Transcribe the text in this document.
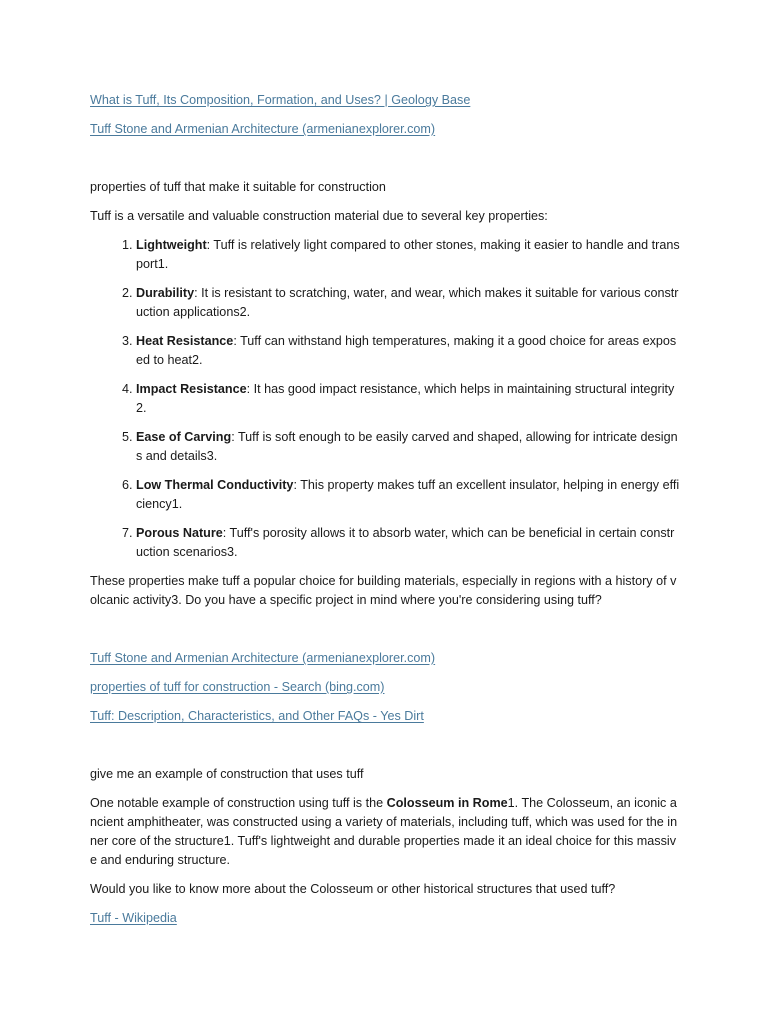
What is Tuff, Its Composition, Formation, and Uses? | Geology Base

Tuff Stone and Armenian Architecture (armenianexplorer.com)

properties of tuff that make it suitable for construction

Tuff is a versatile and valuable construction material due to several key properties:

1. Lightweight: Tuff is relatively light compared to other stones, making it easier to handle and transport1.
2. Durability: It is resistant to scratching, water, and wear, which makes it suitable for various construction applications2.
3. Heat Resistance: Tuff can withstand high temperatures, making it a good choice for areas exposed to heat2.
4. Impact Resistance: It has good impact resistance, which helps in maintaining structural integrity2.
5. Ease of Carving: Tuff is soft enough to be easily carved and shaped, allowing for intricate designs and details3.
6. Low Thermal Conductivity: This property makes tuff an excellent insulator, helping in energy efficiency1.
7. Porous Nature: Tuff's porosity allows it to absorb water, which can be beneficial in certain construction scenarios3.

These properties make tuff a popular choice for building materials, especially in regions with a history of volcanic activity3. Do you have a specific project in mind where you're considering using tuff?

Tuff Stone and Armenian Architecture (armenianexplorer.com)

properties of tuff for construction - Search (bing.com)

Tuff: Description, Characteristics, and Other FAQs - Yes Dirt

give me an example of construction that uses tuff

One notable example of construction using tuff is the Colosseum in Rome1. The Colosseum, an iconic ancient amphitheater, was constructed using a variety of materials, including tuff, which was used for the inner core of the structure1. Tuff's lightweight and durable properties made it an ideal choice for this massive and enduring structure.

Would you like to know more about the Colosseum or other historical structures that used tuff?

Tuff - Wikipedia
